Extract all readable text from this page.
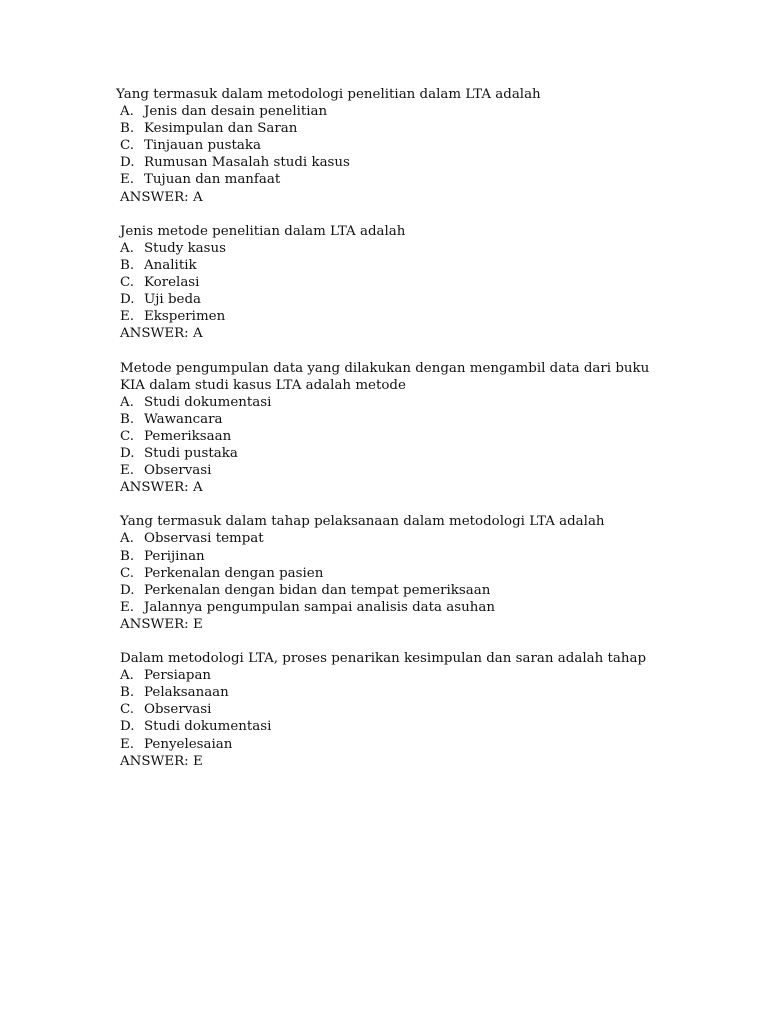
Yang termasuk dalam metodologi penelitian dalam LTA adalah

A. Jenis dan desain penelitian
B. Kesimpulan dan Saran
C. Tinjauan pustaka
D. Rumusan Masalah studi kasus
E. Tujuan dan manfaat

ANSWER: A

Jenis metode penelitian dalam LTA adalah

A. Study kasus
B. Analitik
C. Korelasi
D. Uji beda
E. Eksperimen

ANSWER: A

Metode pengumpulan data yang dilakukan dengan mengambil data dari buku KIA dalam studi kasus LTA adalah metode

A. Studi dokumentasi
B. Wawancara
C. Pemeriksaan
D. Studi pustaka
E. Observasi

ANSWER: A

Yang termasuk dalam tahap pelaksanaan dalam metodologi LTA adalah

A. Observasi tempat
B. Perijinan
C. Perkenalan dengan pasien
D. Perkenalan dengan bidan dan tempat pemeriksaan
E. Jalannya pengumpulan sampai analisis data asuhan

ANSWER: E

Dalam metodologi LTA, proses penarikan kesimpulan dan saran adalah tahap

A. Persiapan
B. Pelaksanaan
C. Observasi
D. Studi dokumentasi
E. Penyelesaian

ANSWER: E
